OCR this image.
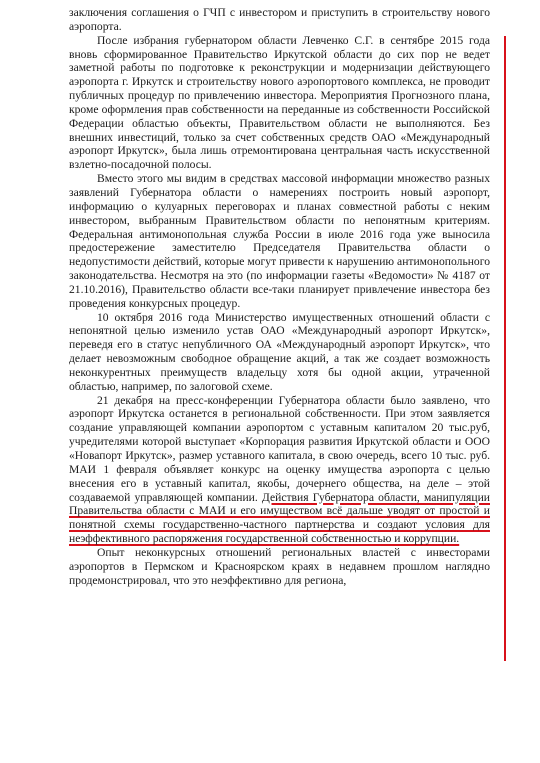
заключения соглашения о ГЧП с инвестором и приступить в строительству нового аэропорта.

После избрания губернатором области Левченко С.Г. в сентябре 2015 года вновь сформированное Правительство Иркутской области до сих пор не ведет заметной работы по подготовке к реконструкции и модернизации действующего аэропорта г. Иркутск и строительству нового аэропортового комплекса, не проводит публичных процедур по привлечению инвестора. Мероприятия Прогнозного плана, кроме оформления прав собственности на переданные из собственности Российской Федерации областью объекты, Правительством области не выполняются. Без внешних инвестиций, только за счет собственных средств ОАО «Международный аэропорт Иркутск», была лишь отремонтирована центральная часть искусственной взлетно-посадочной полосы.

Вместо этого мы видим в средствах массовой информации множество разных заявлений Губернатора области о намерениях построить новый аэропорт, информацию о кулуарных переговорах и планах совместной работы с неким инвестором, выбранным Правительством области по непонятным критериям. Федеральная антимонопольная служба России в июле 2016 года уже выносила предостережение заместителю Председателя Правительства области о недопустимости действий, которые могут привести к нарушению антимонопольного законодательства. Несмотря на это (по информации газеты «Ведомости» № 4187 от 21.10.2016), Правительство области все-таки планирует привлечение инвестора без проведения конкурсных процедур.

10 октября 2016 года Министерство имущественных отношений области с непонятной целью изменило устав ОАО «Международный аэропорт Иркутск», переведя его в статус непубличного ОА «Международный аэропорт Иркутск», что делает невозможным свободное обращение акций, а так же создает возможность неконкурентных преимуществ владельцу хотя бы одной акции, утраченной областью, например, по залоговой схеме.

21 декабря на пресс-конференции Губернатора области было заявлено, что аэропорт Иркутска останется в региональной собственности. При этом заявляется создание управляющей компании аэропортом с уставным капиталом 20 тыс.руб, учредителями которой выступает «Корпорация развития Иркутской области и ООО «Новапорт Иркутск», размер уставного капитала, в свою очередь, всего 10 тыс. руб. МАИ 1 февраля объявляет конкурс на оценку имущества аэропорта с целью внесения его в уставный капитал, якобы, дочернего общества, на деле – этой создаваемой управляющей компании. Действия Губернатора области, манипуляции Правительства области с МАИ и его имуществом всё дальше уводят от простой и понятной схемы государственно-частного партнерства и создают условия для неэффективного распоряжения государственной собственностью и коррупции.

Опыт неконкурсных отношений региональных властей с инвесторами аэропортов в Пермском и Красноярском краях в недавнем прошлом наглядно продемонстрировал, что это неэффективно для региона,
